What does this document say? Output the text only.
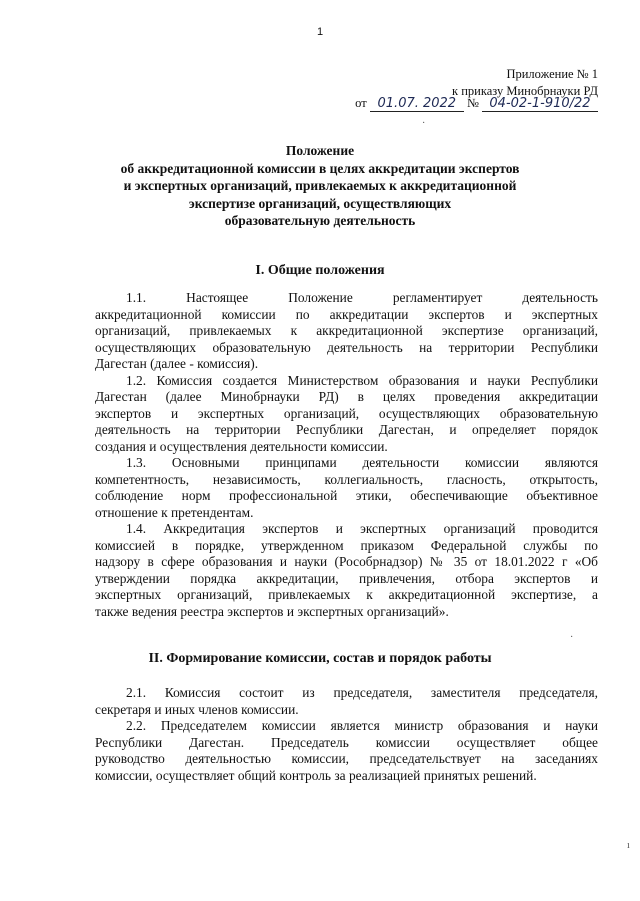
1
Приложение № 1
к приказу Минобрнауки РД
от 01.07. 2022 № 04-02-1-910/22
Положение
об аккредитационной комиссии в целях аккредитации экспертов
и экспертных организаций, привлекаемых к аккредитационной
экспертизе организаций, осуществляющих
образовательную деятельность
I. Общие положения
1.1. Настоящее Положение регламентирует деятельность
аккредитационной комиссии по аккредитации экспертов и экспертных
организаций, привлекаемых к аккредитационной экспертизе организаций,
осуществляющих образовательную деятельность на территории Республики
Дагестан (далее - комиссия).
1.2. Комиссия создается Министерством образования и науки Республики
Дагестан (далее Минобрнауки РД) в целях проведения аккредитации
экспертов и экспертных организаций, осуществляющих образовательную
деятельность на территории Республики Дагестан, и определяет порядок
создания и осуществления деятельности комиссии.
1.3. Основными принципами деятельности комиссии являются
компетентность, независимость, коллегиальность, гласность, открытость,
соблюдение норм профессиональной этики, обеспечивающие объективное
отношение к претендентам.
1.4. Аккредитация экспертов и экспертных организаций проводится
комиссией в порядке, утвержденном приказом Федеральной службы по
надзору в сфере образования и науки (Рособрнадзор) № 35 от 18.01.2022 г «Об
утверждении порядка аккредитации, привлечения, отбора экспертов и
экспертных организаций, привлекаемых к аккредитационной экспертизе, а
также ведения реестра экспертов и экспертных организаций».
II. Формирование комиссии, состав и порядок работы
2.1. Комиссия состоит из председателя, заместителя председателя,
секретаря и иных членов комиссии.
2.2. Председателем комиссии является министр образования и науки
Республики Дагестан. Председатель комиссии осуществляет общее
руководство деятельностью комиссии, председательствует на заседаниях
комиссии, осуществляет общий контроль за реализацией принятых решений.
·
·
ı
